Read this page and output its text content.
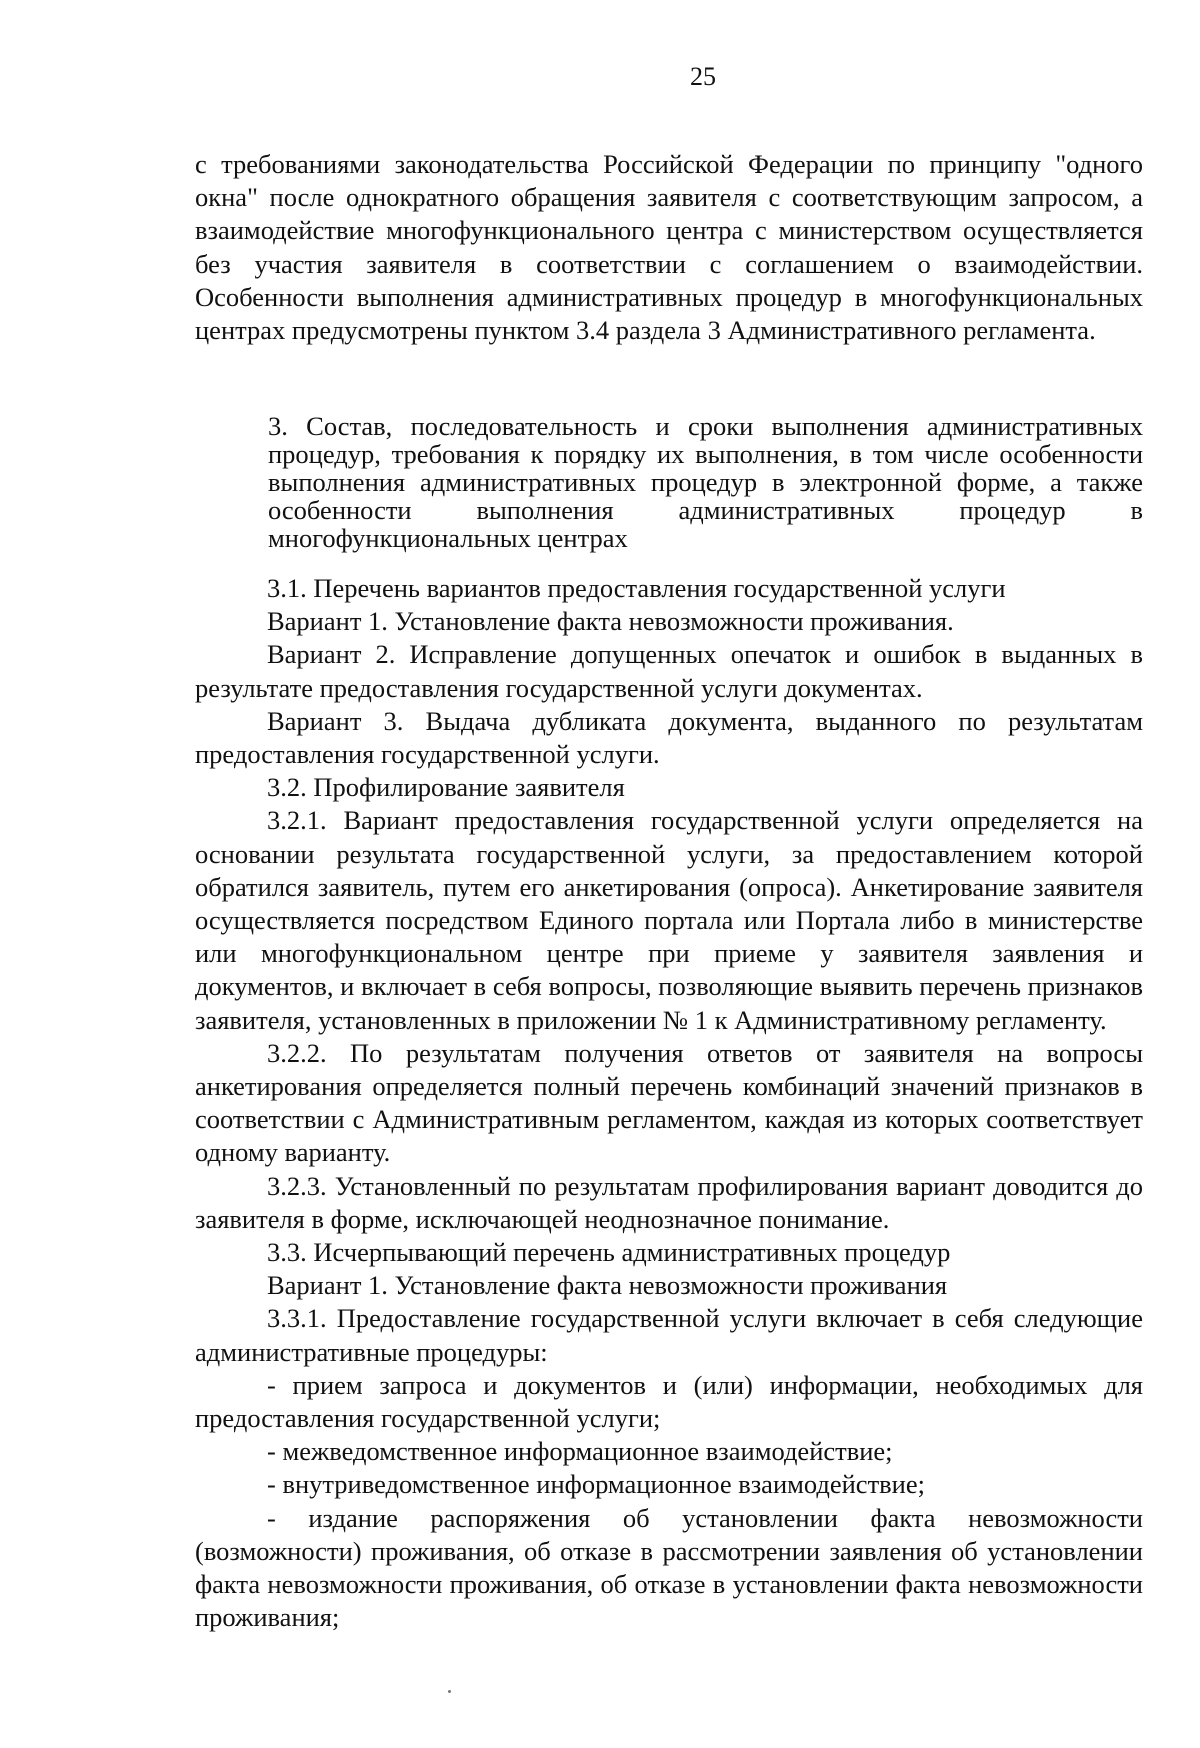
25

с требованиями законодательства Российской Федерации по принципу "одного окна" после однократного обращения заявителя с соответствующим запросом, а взаимодействие многофункционального центра с министерством осуществляется без участия заявителя в соответствии с соглашением о взаимодействии. Особенности выполнения административных процедур в многофункциональных центрах предусмотрены пунктом 3.4 раздела 3 Административного регламента.

3. Состав, последовательность и сроки выполнения административных процедур, требования к порядку их выполнения, в том числе особенности выполнения административных процедур в электронной форме, а также особенности выполнения административных процедур в многофункциональных центрах

3.1. Перечень вариантов предоставления государственной услуги

Вариант 1. Установление факта невозможности проживания.

Вариант 2. Исправление допущенных опечаток и ошибок в выданных в результате предоставления государственной услуги документах.

Вариант 3. Выдача дубликата документа, выданного по результатам предоставления государственной услуги.

3.2. Профилирование заявителя

3.2.1. Вариант предоставления государственной услуги определяется на основании результата государственной услуги, за предоставлением которой обратился заявитель, путем его анкетирования (опроса). Анкетирование заявителя осуществляется посредством Единого портала или Портала либо в министерстве или многофункциональном центре при приеме у заявителя заявления и документов, и включает в себя вопросы, позволяющие выявить перечень признаков заявителя, установленных в приложении № 1 к Административному регламенту.

3.2.2. По результатам получения ответов от заявителя на вопросы анкетирования определяется полный перечень комбинаций значений признаков в соответствии с Административным регламентом, каждая из которых соответствует одному варианту.

3.2.3. Установленный по результатам профилирования вариант доводится до заявителя в форме, исключающей неоднозначное понимание.

3.3. Исчерпывающий перечень административных процедур

Вариант 1. Установление факта невозможности проживания

3.3.1. Предоставление государственной услуги включает в себя следующие административные процедуры:

- прием запроса и документов и (или) информации, необходимых для предоставления государственной услуги;

- межведомственное информационное взаимодействие;

- внутриведомственное информационное взаимодействие;

- издание распоряжения об установлении факта невозможности (возможности) проживания, об отказе в рассмотрении заявления об установлении факта невозможности проживания, об отказе в установлении факта невозможности проживания;
